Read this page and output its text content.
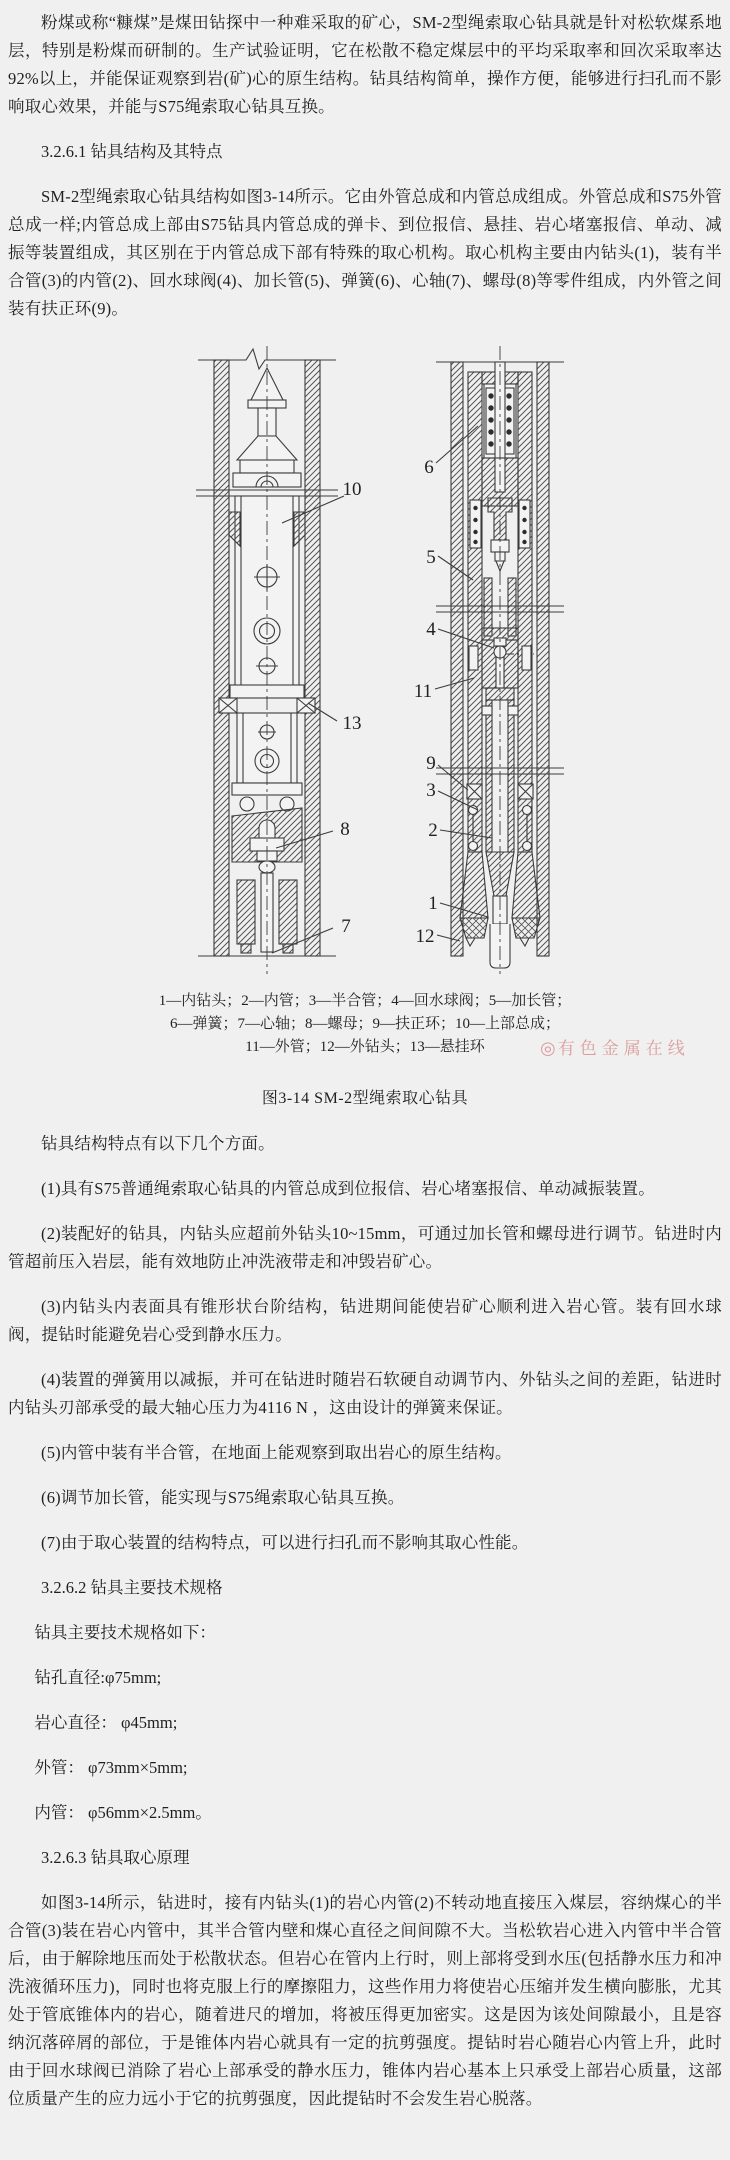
粉煤或称“糠煤”是煤田钻探中一种难采取的矿心，SM-2型绳索取心钻具就是针对松软煤系地层，特别是粉煤而研制的。生产试验证明，它在松散不稳定煤层中的平均采取率和回次采取率达92%以上，并能保证观察到岩(矿)心的原生结构。钻具结构简单，操作方便，能够进行扫孔而不影响取心效果，并能与S75绳索取心钻具互换。

3.2.6.1 钻具结构及其特点

SM-2型绳索取心钻具结构如图3-14所示。它由外管总成和内管总成组成。外管总成和S75外管总成一样;内管总成上部由S75钻具内管总成的弹卡、到位报信、悬挂、岩心堵塞报信、单动、减振等装置组成，其区别在于内管总成下部有特殊的取心机构。取心机构主要由内钻头(1)，装有半合管(3)的内管(2)、回水球阀(4)、加长管(5)、弹簧(6)、心轴(7)、螺母(8)等零件组成，内外管之间装有扶正环(9)。

10
13
8
7
6
5
4
11
9
3
2
1
12
1—内钻头；2—内管；3—半合管；4—回水球阀；5—加长管；
6—弹簧；7—心轴；8—螺母；9—扶正环；10—上部总成；
11—外管；12—外钻头；13—悬挂环	◎ 有色金属在线
图3-14 SM-2型绳索取心钻具

钻具结构特点有以下几个方面。

(1)具有S75普通绳索取心钻具的内管总成到位报信、岩心堵塞报信、单动减振装置。

(2)装配好的钻具，内钻头应超前外钻头10~15mm，可通过加长管和螺母进行调节。钻进时内管超前压入岩层，能有效地防止冲洗液带走和冲毁岩矿心。

(3)内钻头内表面具有锥形状台阶结构，钻进期间能使岩矿心顺利进入岩心管。装有回水球阀，提钻时能避免岩心受到静水压力。

(4)装置的弹簧用以减振，并可在钻进时随岩石软硬自动调节内、外钻头之间的差距，钻进时内钻头刃部承受的最大轴心压力为4116 N ，这由设计的弹簧来保证。

(5)内管中装有半合管，在地面上能观察到取出岩心的原生结构。

(6)调节加长管，能实现与S75绳索取心钻具互换。

(7)由于取心装置的结构特点，可以进行扫孔而不影响其取心性能。

3.2.6.2 钻具主要技术规格

钻具主要技术规格如下：

钻孔直径:φ75mm;

岩心直径： φ45mm;

外管： φ73mm×5mm;

内管： φ56mm×2.5mm。

3.2.6.3 钻具取心原理

如图3-14所示，钻进时，接有内钻头(1)的岩心内管(2)不转动地直接压入煤层，容纳煤心的半合管(3)装在岩心内管中，其半合管内壁和煤心直径之间间隙不大。当松软岩心进入内管中半合管后，由于解除地压而处于松散状态。但岩心在管内上行时，则上部将受到水压(包括静水压力和冲洗液循环压力)，同时也将克服上行的摩擦阻力，这些作用力将使岩心压缩并发生横向膨胀，尤其处于管底锥体内的岩心，随着进尺的增加，将被压得更加密实。这是因为该处间隙最小，且是容纳沉落碎屑的部位，于是锥体内岩心就具有一定的抗剪强度。提钻时岩心随岩心内管上升，此时由于回水球阀已消除了岩心上部承受的静水压力，锥体内岩心基本上只承受上部岩心质量，这部位质量产生的应力远小于它的抗剪强度，因此提钻时不会发生岩心脱落。
